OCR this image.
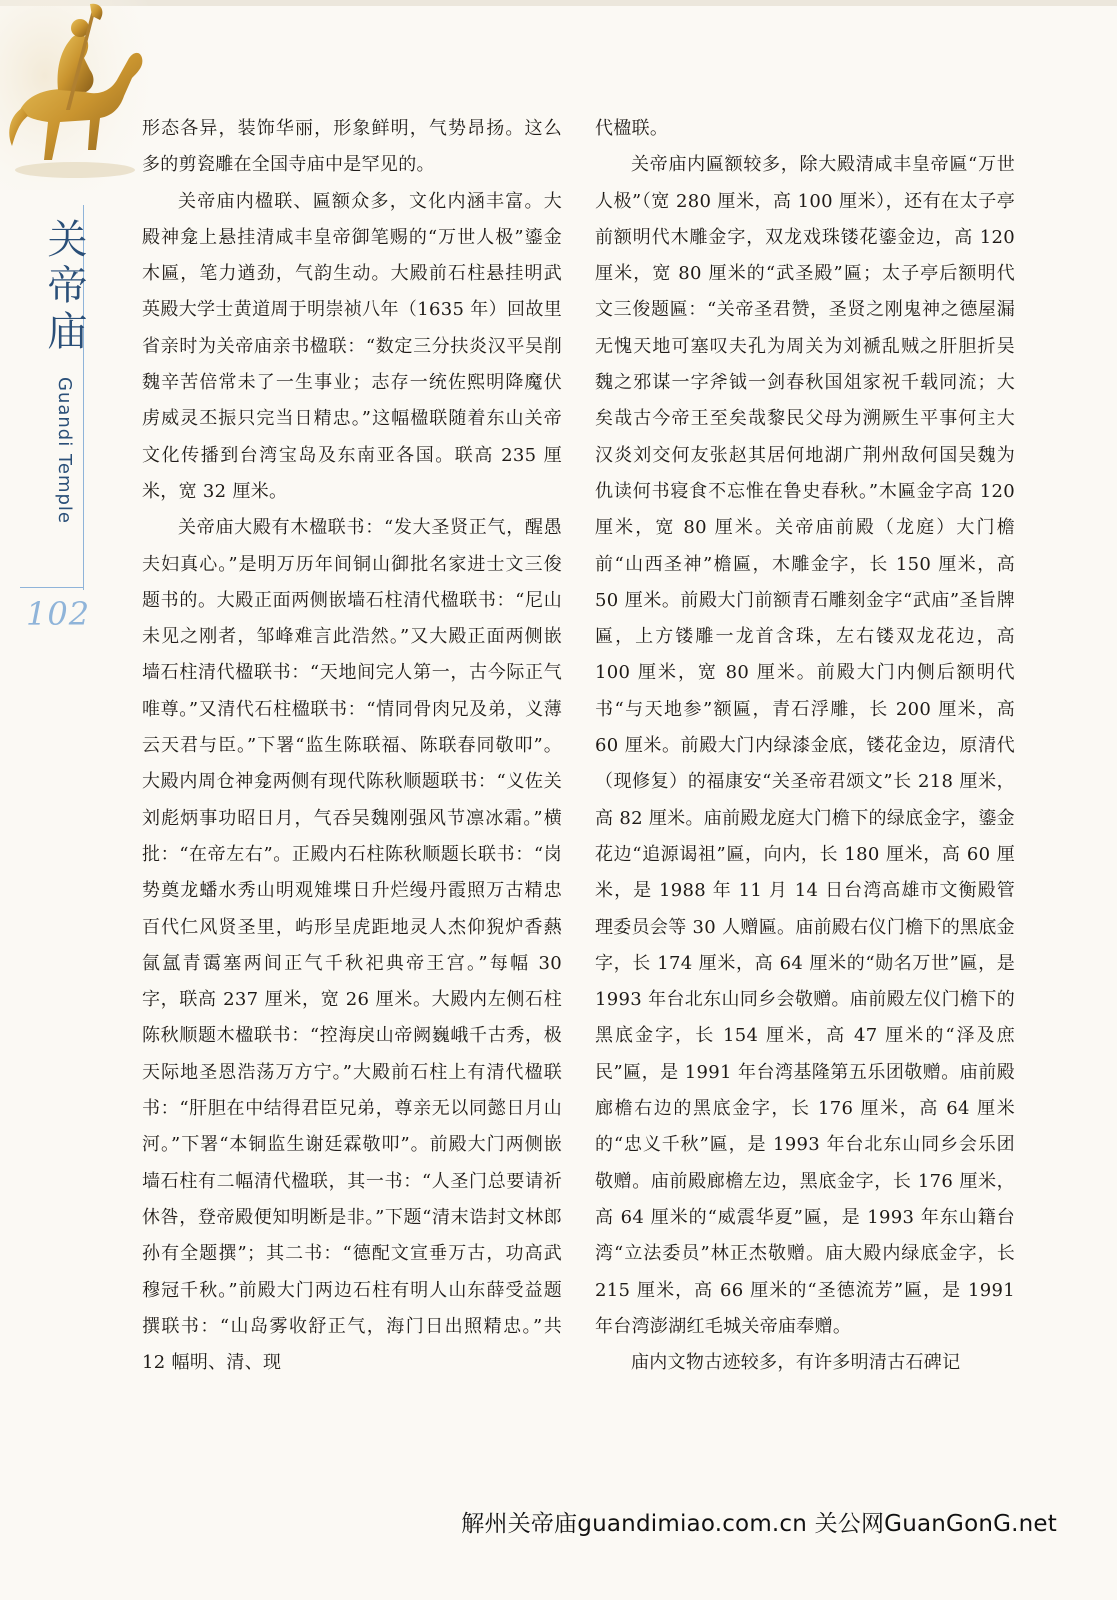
关帝庙 Guandi Temple
102

形态各异，装饰华丽，形象鲜明，气势昂扬。这么多的剪瓷雕在全国寺庙中是罕见的。

关帝庙内楹联、匾额众多，文化内涵丰富。大殿神龛上悬挂清咸丰皇帝御笔赐的“万世人极”鎏金木匾，笔力遒劲，气韵生动。大殿前石柱悬挂明武英殿大学士黄道周于明崇祯八年（1635 年）回故里省亲时为关帝庙亲书楹联：“数定三分扶炎汉平吴削魏辛苦倍常未了一生事业；志存一统佐熙明降魔伏虏威灵丕振只完当日精忠。”这幅楹联随着东山关帝文化传播到台湾宝岛及东南亚各国。联高 235 厘米，宽 32 厘米。

关帝庙大殿有木楹联书：“发大圣贤正气，醒愚夫妇真心。”是明万历年间铜山御批名家进士文三俊题书的。大殿正面两侧嵌墙石柱清代楹联书：“尼山未见之刚者，邹峰难言此浩然。”又大殿正面两侧嵌墙石柱清代楹联书：“天地间完人第一，古今际正气唯尊。”又清代石柱楹联书：“情同骨肉兄及弟，义薄云天君与臣。”下署“监生陈联福、陈联春同敬叩”。大殿内周仓神龛两侧有现代陈秋顺题联书：“义佐关刘彪炳事功昭日月，气吞吴魏刚强风节凛冰霜。”横批：“在帝左右”。正殿内石柱陈秋顺题长联书：“岗势奠龙蟠水秀山明观雉堞日升烂缦丹霞照万古精忠百代仁风贤圣里，屿形呈虎距地灵人杰仰猊炉香爇氤氲青霭塞两间正气千秋祀典帝王宫。”每幅 30 字，联高 237 厘米，宽 26 厘米。大殿内左侧石柱陈秋顺题木楹联书：“控海戾山帝阙巍峨千古秀，极天际地圣恩浩荡万方宁。”大殿前石柱上有清代楹联书：“肝胆在中结得君臣兄弟，尊亲无以同懿日月山河。”下署“本铜监生谢廷霖敬叩”。前殿大门两侧嵌墙石柱有二幅清代楹联，其一书：“人圣门总要请祈休咎，登帝殿便知明断是非。”下题“清末诰封文林郎孙有全题撰”；其二书：“德配文宣垂万古，功高武穆冠千秋。”前殿大门两边石柱有明人山东薛受益题撰联书：“山岛雾收舒正气，海门日出照精忠。”共 12 幅明、清、现

代楹联。

关帝庙内匾额较多，除大殿清咸丰皇帝匾“万世人极”（宽 280 厘米，高 100 厘米），还有在太子亭前额明代木雕金字，双龙戏珠镂花鎏金边，高 120 厘米，宽 80 厘米的“武圣殿”匾；太子亭后额明代文三俊题匾：“关帝圣君赞，圣贤之刚鬼神之德屋漏无愧天地可塞叹夫孔为周关为刘褫乱贼之肝胆折吴魏之邪谋一字斧钺一剑春秋国俎家祝千载同流；大矣哉古今帝王至矣哉黎民父母为溯厥生平事何主大汉炎刘交何友张赵其居何地湖广荆州敌何国吴魏为仇读何书寝食不忘惟在鲁史春秋。”木匾金字高 120 厘米，宽 80 厘米。关帝庙前殿（龙庭）大门檐前“山西圣神”檐匾，木雕金字，长 150 厘米，高 50 厘米。前殿大门前额青石雕刻金字“武庙”圣旨牌匾，上方镂雕一龙首含珠，左右镂双龙花边，高 100 厘米，宽 80 厘米。前殿大门内侧后额明代书“与天地参”额匾，青石浮雕，长 200 厘米，高 60 厘米。前殿大门内绿漆金底，镂花金边，原清代（现修复）的福康安“关圣帝君颂文”长 218 厘米，高 82 厘米。庙前殿龙庭大门檐下的绿底金字，鎏金花边“追源谒祖”匾，向内，长 180 厘米，高 60 厘米，是 1988 年 11 月 14 日台湾高雄市文衡殿管理委员会等 30 人赠匾。庙前殿右仪门檐下的黑底金字，长 174 厘米，高 64 厘米的“勋名万世”匾，是 1993 年台北东山同乡会敬赠。庙前殿左仪门檐下的黑底金字，长 154 厘米，高 47 厘米的“泽及庶民”匾，是 1991 年台湾基隆第五乐团敬赠。庙前殿廊檐右边的黑底金字，长 176 厘米，高 64 厘米的“忠义千秋”匾，是 1993 年台北东山同乡会乐团敬赠。庙前殿廊檐左边，黑底金字，长 176 厘米，高 64 厘米的“威震华夏”匾，是 1993 年东山籍台湾“立法委员”林正杰敬赠。庙大殿内绿底金字，长 215 厘米，高 66 厘米的“圣德流芳”匾，是 1991 年台湾澎湖红毛城关帝庙奉赠。

庙内文物古迹较多，有许多明清古石碑记

解州关帝庙guandimiao.com.cn 关公网GuanGonG.net
